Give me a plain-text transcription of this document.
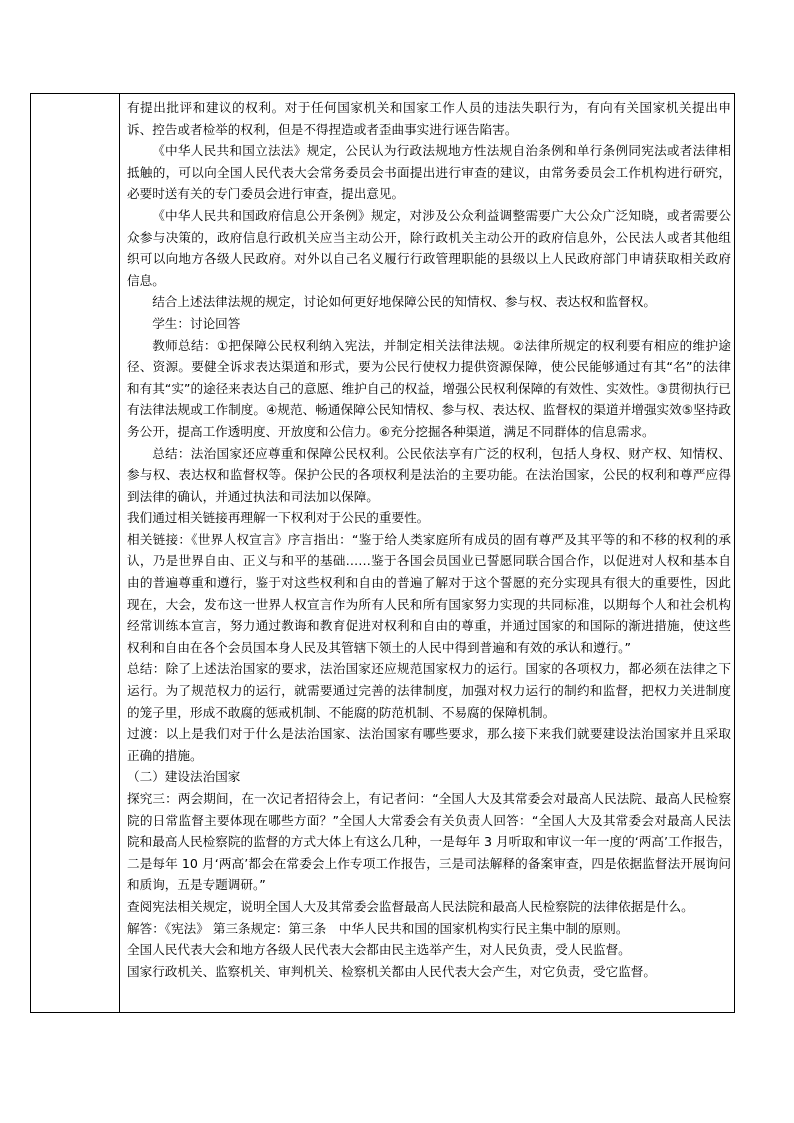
有提出批评和建议的权利。对于任何国家机关和国家工作人员的违法失职行为，有向有关国家机关提出申诉、控告或者检举的权利，但是不得捏造或者歪曲事实进行诬告陷害。

《中华人民共和国立法法》规定，公民认为行政法规地方性法规自治条例和单行条例同宪法或者法律相抵触的，可以向全国人民代表大会常务委员会书面提出进行审查的建议，由常务委员会工作机构进行研究，必要时送有关的专门委员会进行审查，提出意见。

《中华人民共和国政府信息公开条例》规定，对涉及公众利益调整需要广大公众广泛知晓，或者需要公众参与决策的，政府信息行政机关应当主动公开，除行政机关主动公开的政府信息外，公民法人或者其他组织可以向地方各级人民政府。对外以自己名义履行行政管理职能的县级以上人民政府部门申请获取相关政府信息。

结合上述法律法规的规定，讨论如何更好地保障公民的知情权、参与权、表达权和监督权。

学生：讨论回答

教师总结：①把保障公民权利纳入宪法，并制定相关法律法规。②法律所规定的权利要有相应的维护途径、资源。要健全诉求表达渠道和形式，要为公民行使权力提供资源保障，使公民能够通过有其“名”的法律和有其“实”的途径来表达自己的意愿、维护自己的权益，增强公民权利保障的有效性、实效性。③贯彻执行已有法律法规或工作制度。④规范、畅通保障公民知情权、参与权、表达权、监督权的渠道并增强实效⑤坚持政务公开，提高工作透明度、开放度和公信力。⑥充分挖掘各种渠道，满足不同群体的信息需求。

总结：法治国家还应尊重和保障公民权利。公民依法享有广泛的权利，包括人身权、财产权、知情权、参与权、表达权和监督权等。保护公民的各项权利是法治的主要功能。在法治国家，公民的权利和尊严应得到法律的确认，并通过执法和司法加以保障。

我们通过相关链接再理解一下权利对于公民的重要性。

相关链接：《世界人权宣言》序言指出：“鉴于给人类家庭所有成员的固有尊严及其平等的和不移的权利的承认，乃是世界自由、正义与和平的基础……鉴于各国会员国业已誓愿同联合国合作，以促进对人权和基本自由的普遍尊重和遵行，鉴于对这些权利和自由的普遍了解对于这个誓愿的充分实现具有很大的重要性，因此现在，大会，发布这一世界人权宣言作为所有人民和所有国家努力实现的共同标准，以期每个人和社会机构经常训练本宣言，努力通过教诲和教育促进对权利和自由的尊重，并通过国家的和国际的渐进措施，使这些权利和自由在各个会员国本身人民及其管辖下领土的人民中得到普遍和有效的承认和遵行。”

总结：除了上述法治国家的要求，法治国家还应规范国家权力的运行。国家的各项权力，都必须在法律之下运行。为了规范权力的运行，就需要通过完善的法律制度，加强对权力运行的制约和监督，把权力关进制度的笼子里，形成不敢腐的惩戒机制、不能腐的防范机制、不易腐的保障机制。

过渡：以上是我们对于什么是法治国家、法治国家有哪些要求，那么接下来我们就要建设法治国家并且采取正确的措施。

（二）建设法治国家

探究三：两会期间，在一次记者招待会上，有记者问：“全国人大及其常委会对最高人民法院、最高人民检察院的日常监督主要体现在哪些方面？”全国人大常委会有关负责人回答：“全国人大及其常委会对最高人民法院和最高人民检察院的监督的方式大体上有这么几种，一是每年 3 月听取和审议一年一度的‘两高’工作报告，二是每年 10 月‘两高’都会在常委会上作专项工作报告，三是司法解释的备案审查，四是依据监督法开展询问和质询，五是专题调研。”

查阅宪法相关规定，说明全国人大及其常委会监督最高人民法院和最高人民检察院的法律依据是什么。

解答：《宪法》 第三条规定：第三条　中华人民共和国的国家机构实行民主集中制的原则。

全国人民代表大会和地方各级人民代表大会都由民主选举产生，对人民负责，受人民监督。

国家行政机关、监察机关、审判机关、检察机关都由人民代表大会产生，对它负责，受它监督。
